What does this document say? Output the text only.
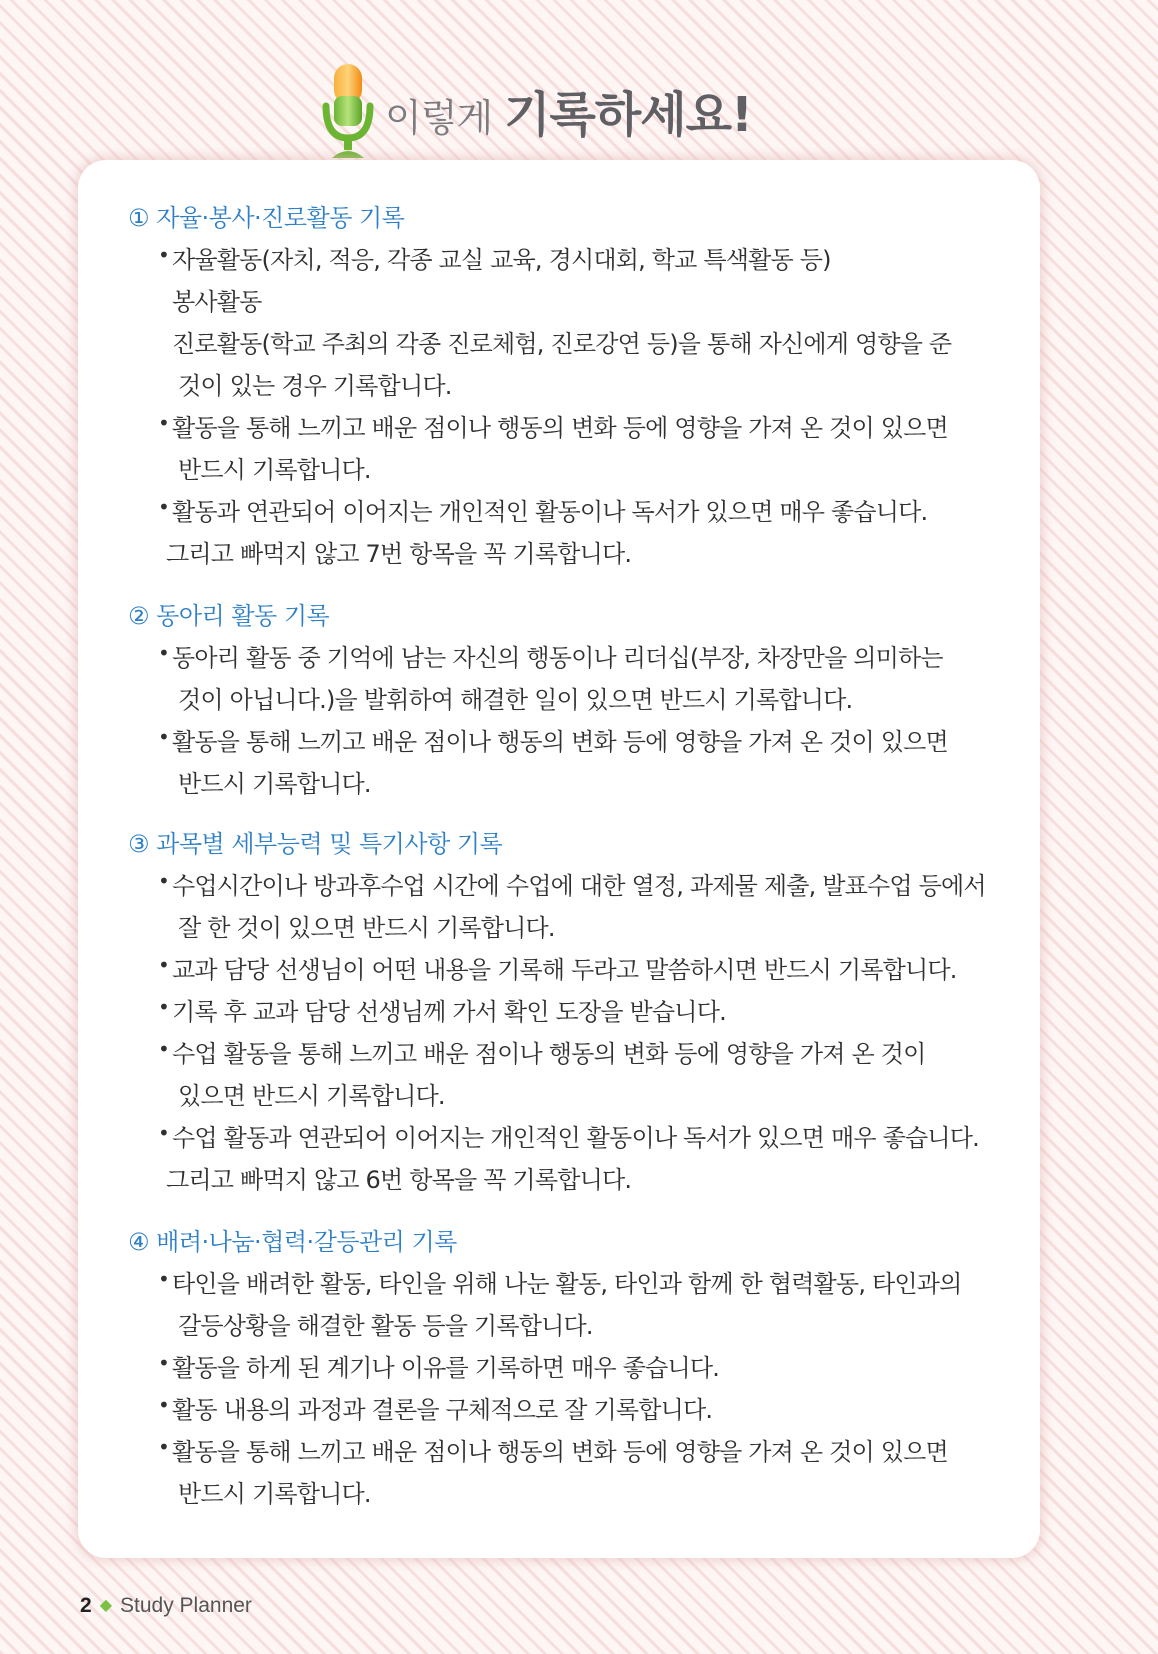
이렇게 기록하세요!
① 자율·봉사·진로활동 기록
• 자율활동(자치, 적응, 각종 교실 교육, 경시대회, 학교 특색활동 등)

봉사활동

진로활동(학교 주최의 각종 진로체험, 진로강연 등)을 통해 자신에게 영향을 준

것이 있는 경우 기록합니다.

• 활동을 통해 느끼고 배운 점이나 행동의 변화 등에 영향을 가져 온 것이 있으면

반드시 기록합니다.

• 활동과 연관되어 이어지는 개인적인 활동이나 독서가 있으면 매우 좋습니다.

그리고 빠먹지 않고 7번 항목을 꼭 기록합니다.

② 동아리 활동 기록
• 동아리 활동 중 기억에 남는 자신의 행동이나 리더십(부장, 차장만을 의미하는

것이 아닙니다.)을 발휘하여 해결한 일이 있으면 반드시 기록합니다.

• 활동을 통해 느끼고 배운 점이나 행동의 변화 등에 영향을 가져 온 것이 있으면

반드시 기록합니다.

③ 과목별 세부능력 및 특기사항 기록
• 수업시간이나 방과후수업 시간에 수업에 대한 열정, 과제물 제출, 발표수업 등에서

잘 한 것이 있으면 반드시 기록합니다.

• 교과 담당 선생님이 어떤 내용을 기록해 두라고 말씀하시면 반드시 기록합니다.

• 기록 후 교과 담당 선생님께 가서 확인 도장을 받습니다.

• 수업 활동을 통해 느끼고 배운 점이나 행동의 변화 등에 영향을 가져 온 것이

있으면 반드시 기록합니다.

• 수업 활동과 연관되어 이어지는 개인적인 활동이나 독서가 있으면 매우 좋습니다.

그리고 빠먹지 않고 6번 항목을 꼭 기록합니다.

④ 배려·나눔·협력·갈등관리 기록
• 타인을 배려한 활동, 타인을 위해 나눈 활동, 타인과 함께 한 협력활동, 타인과의

갈등상황을 해결한 활동 등을 기록합니다.

• 활동을 하게 된 계기나 이유를 기록하면 매우 좋습니다.

• 활동 내용의 과정과 결론을 구체적으로 잘 기록합니다.

• 활동을 통해 느끼고 배운 점이나 행동의 변화 등에 영향을 가져 온 것이 있으면

반드시 기록합니다.

2 ◆ Study Planner
